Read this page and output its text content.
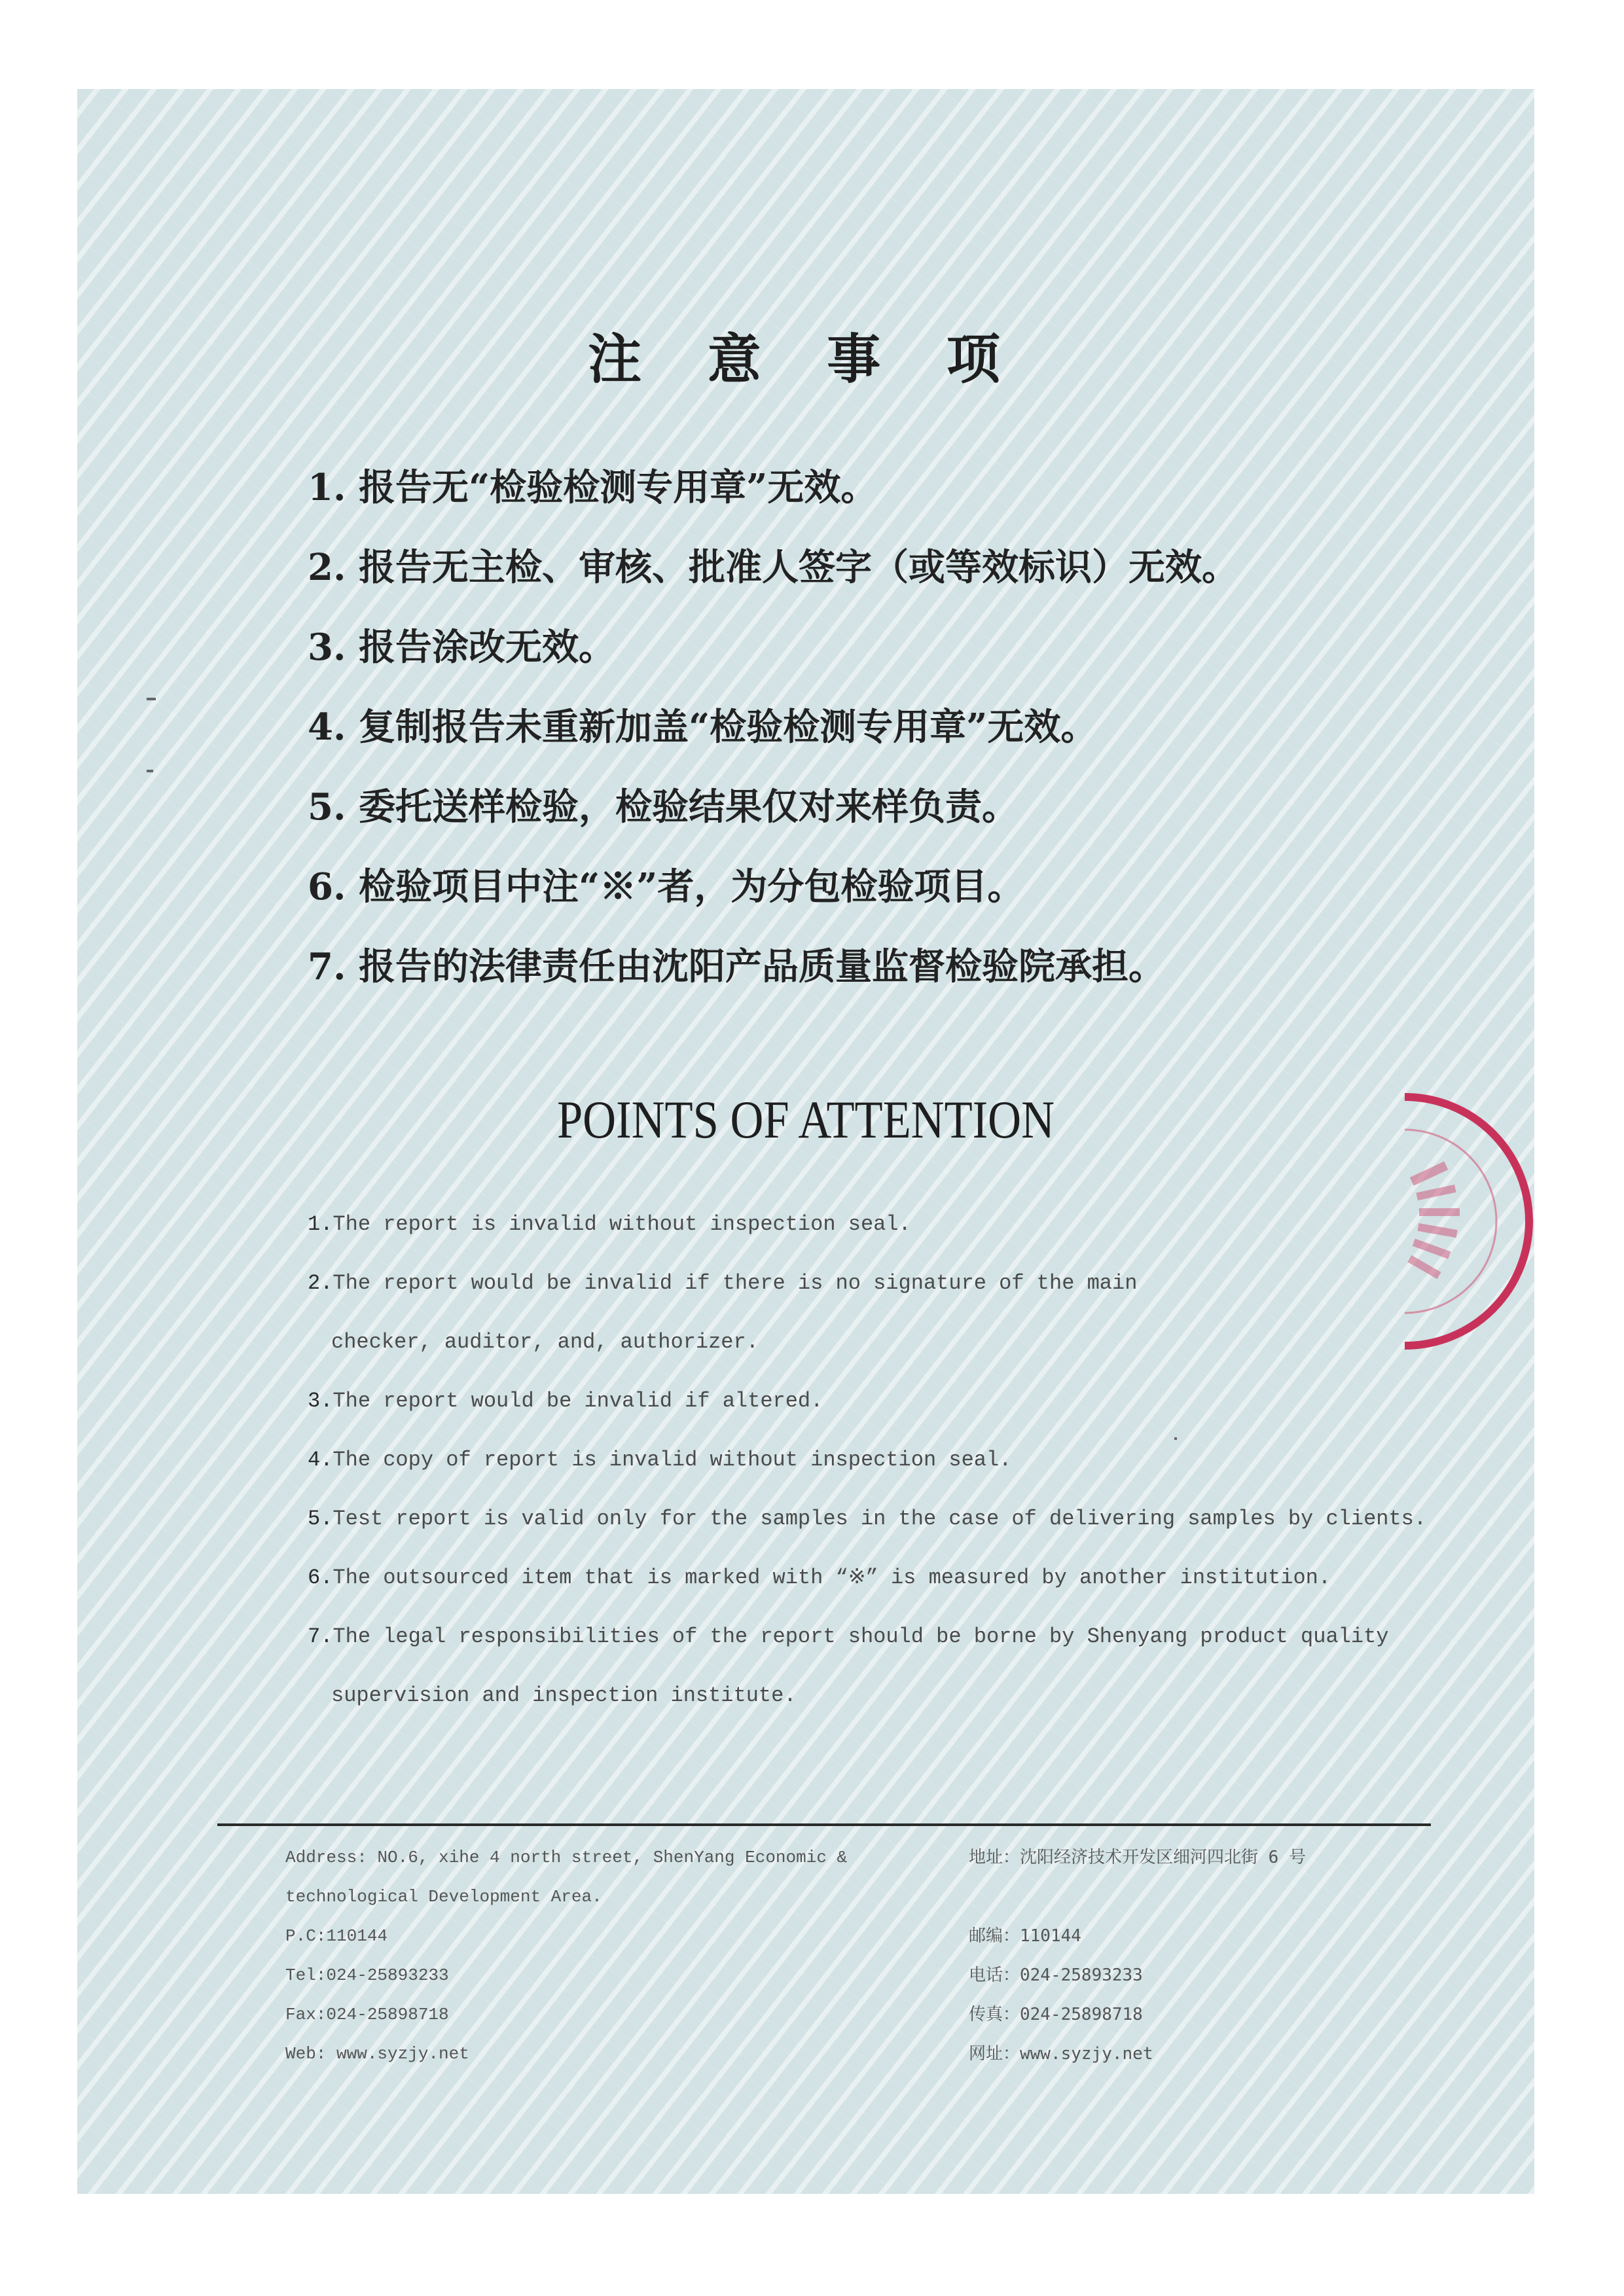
注 意 事 项
1. 报告无“检验检测专用章”无效。
2. 报告无主检、审核、批准人签字（或等效标识）无效。
3. 报告涂改无效。
4. 复制报告未重新加盖“检验检测专用章”无效。
5. 委托送样检验，检验结果仅对来样负责。
6. 检验项目中注“※”者，为分包检验项目。
7. 报告的法律责任由沈阳产品质量监督检验院承担。
POINTS OF ATTENTION
1.The report is invalid without inspection seal.
2.The report would be invalid if there is no signature of the main
checker, auditor, and, authorizer.
3.The report would be invalid if altered.
4.The copy of report is invalid without inspection seal.
5.Test report is valid only for the samples in the case of delivering samples by clients.
6.The outsourced item that is marked with “※” is measured by another institution.
7.The legal responsibilities of the report should be borne by Shenyang product quality
supervision and inspection institute.
Address: NO.6, xihe 4 north street, ShenYang Economic &
technological Development Area.
P.C:110144
Tel:024-25893233
Fax:024-25898718
Web: www.syzjy.net
地址：沈阳经济技术开发区细河四北街 6 号
邮编：110144
电话：024-25893233
传真：024-25898718
网址：www.syzjy.net
